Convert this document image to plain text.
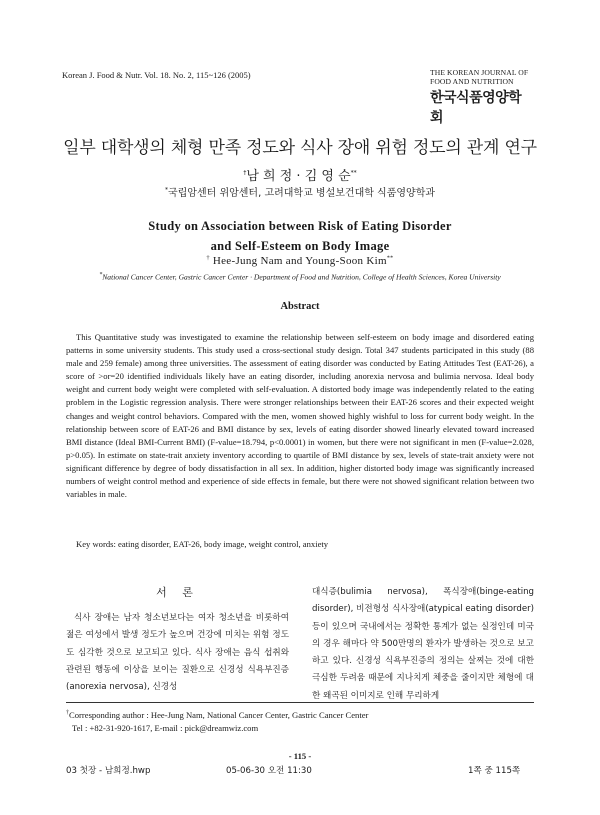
Korean J. Food & Nutr. Vol. 18. No. 2, 115~126 (2005)	THE KOREAN JOURNAL OF
FOOD AND NUTRITION
한국식품영양학회
일부 대학생의 체형 만족 정도와 식사 장애 위험 정도의 관계 연구
†남 희 정 · 김 영 순**
*국립암센터 위암센터, 고려대학교 병설보건대학 식품영양학과
Study on Association between Risk of Eating Disorder
and Self-Esteem on Body Image
† Hee-Jung Nam and Young-Soon Kim**
*National Cancer Center, Gastric Cancer Center · Department of Food and Nutrition, College of Health Sciences, Korea University
Abstract

This Quantitative study was investigated to examine the relationship between self-esteem on body image and disordered eating patterns in some university students. This study used a cross-sectional study design. Total 347 students participated in this study (88 male and 259 female) among three universities. The assessment of eating disorder was conducted by Eating Attitudes Test (EAT-26), a score of >or=20 identified individuals likely have an eating disorder, including anorexia nervosa and bulimia nervosa. Ideal body weight and current body weight were completed with self-evaluation. A distorted body image was independently related to the eating problem in the Logistic regression analysis. There were stronger relationships between their EAT-26 scores and their expected weight changes and weight control behaviors. Compared with the men, women showed highly wishful to loss for current body weight. In the relationship between score of EAT-26 and BMI distance by sex, levels of eating disorder showed linearly elevated toward increased BMI distance (Ideal BMI-Current BMI) (F-value=18.794, p<0.0001) in women, but there were not significant in men (F-value=2.028, p>0.05). In estimate on state-trait anxiety inventory according to quartile of BMI distance by sex, levels of state-trait anxiety were not significant difference by degree of body dissatisfaction in all sex. In addition, higher distorted body image was significantly increased numbers of weight control method and experience of side effects in female, but there were not showed significant relation between two variables in male.

Key words: eating disorder, EAT-26, body image, weight control, anxiety
서 론
식사 장애는 남자 청소년보다는 여자 청소년을 비롯하여 젊은 여성에서 발생 정도가 높으며 건강에 미치는 위험 정도도 심각한 것으로 보고되고 있다. 식사 장애는 음식 섭취와 관련된 행동에 이상을 보이는 질환으로 신경성 식욕부진증(anorexia nervosa), 신경성
대식증(bulimia nervosa), 폭식장애(binge-eating disorder), 비전형성 식사장애(atypical eating disorder)등이 있으며 국내에서는 정확한 통계가 없는 실정인데 미국의 경우 해마다 약 500만명의 환자가 발생하는 것으로 보고하고 있다. 신경성 식욕부진증의 정의는 살찌는 것에 대한 극심한 두려움 때문에 지나치게 체중을 줄이지만 체형에 대한 왜곡된 이미지로 인해 무리하게
†Corresponding author : Hee-Jung Nam, National Cancer Center, Gastric Cancer Center
Tel : +82-31-920-1617, E-mail : pick@dreamwiz.com
- 115 -
03 첫장 - 남희정.hwp	05-06-30 오전 11:30	1쪽 중 115쪽
